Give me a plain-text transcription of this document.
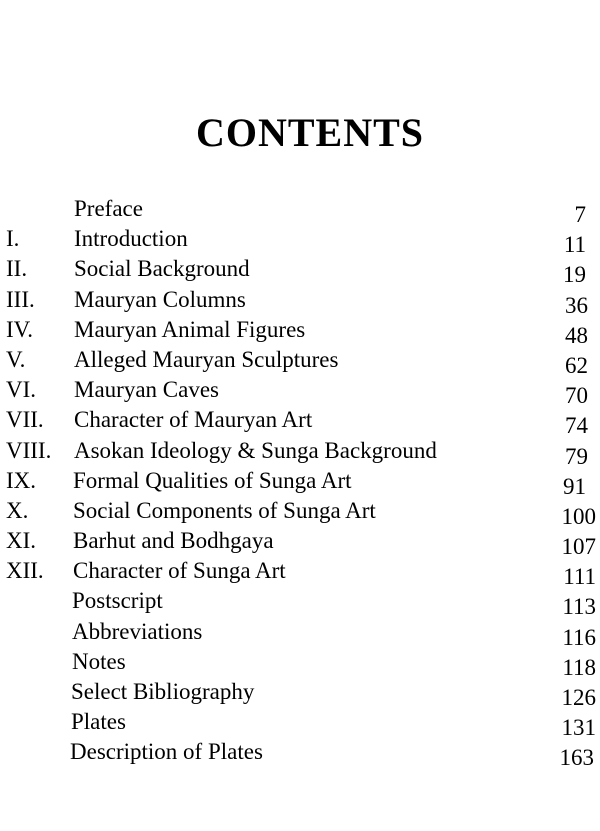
CONTENTS
Preface	7
I. Introduction	11
II. Social Background	19
III. Mauryan Columns	36
IV. Mauryan Animal Figures	48
V. Alleged Mauryan Sculptures	62
VI. Mauryan Caves	70
VII. Character of Mauryan Art	74
VIII. Asokan Ideology & Sunga Background	79
IX. Formal Qualities of Sunga Art	91
X. Social Components of Sunga Art	100
XI. Barhut and Bodhgaya	107
XII. Character of Sunga Art	111
Postscript	113
Abbreviations	116
Notes	118
Select Bibliography	126
Plates	131
Description of Plates	163
